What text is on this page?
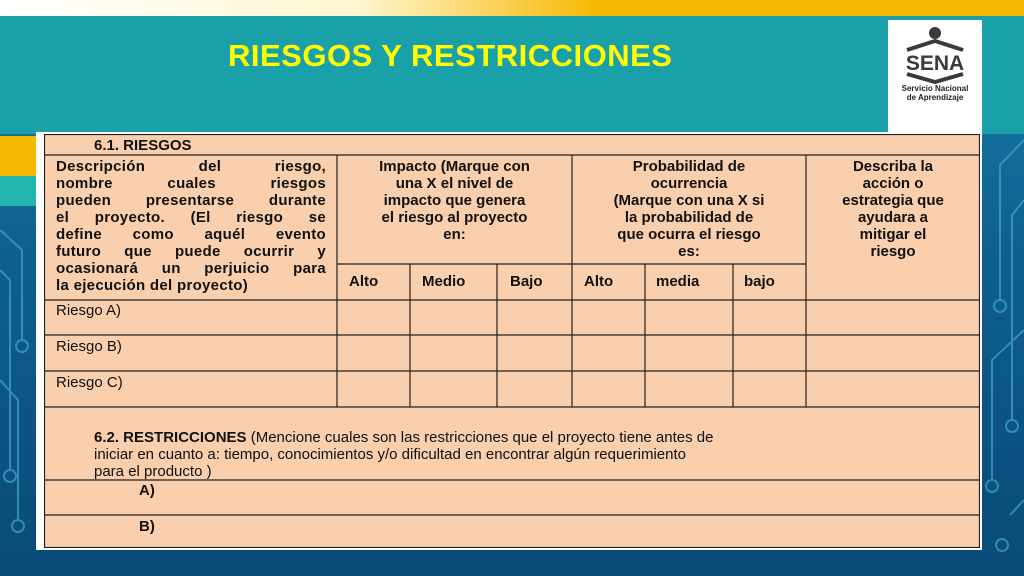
RIESGOS Y RESTRICCIONES	SENA
Servicio Nacional
de Aprendizaje
6.1. RIESGOS
Descripción del riesgo,
nombre cuales riesgos
pueden presentarse durante
el proyecto. (El riesgo se
define como aquél evento
futuro que puede ocurrir y
ocasionará un perjuicio para
la ejecución del proyecto)
Impacto (Marque con
una X el nivel de
impacto que genera
el riesgo al proyecto
en:
Probabilidad de
ocurrencia
(Marque con una X si
la probabilidad de
que ocurra el riesgo
es:
Describa la
acción o
estrategia que
ayudara a
mitigar el
riesgo
Alto	Medio	Bajo	Alto	media	bajo
Riesgo A)
Riesgo B)
Riesgo C)
6.2. RESTRICCIONES (Mencione cuales son las restricciones que el proyecto tiene antes de
iniciar en cuanto a: tiempo, conocimientos y/o dificultad en encontrar algún requerimiento
para el producto )
A)
B)
